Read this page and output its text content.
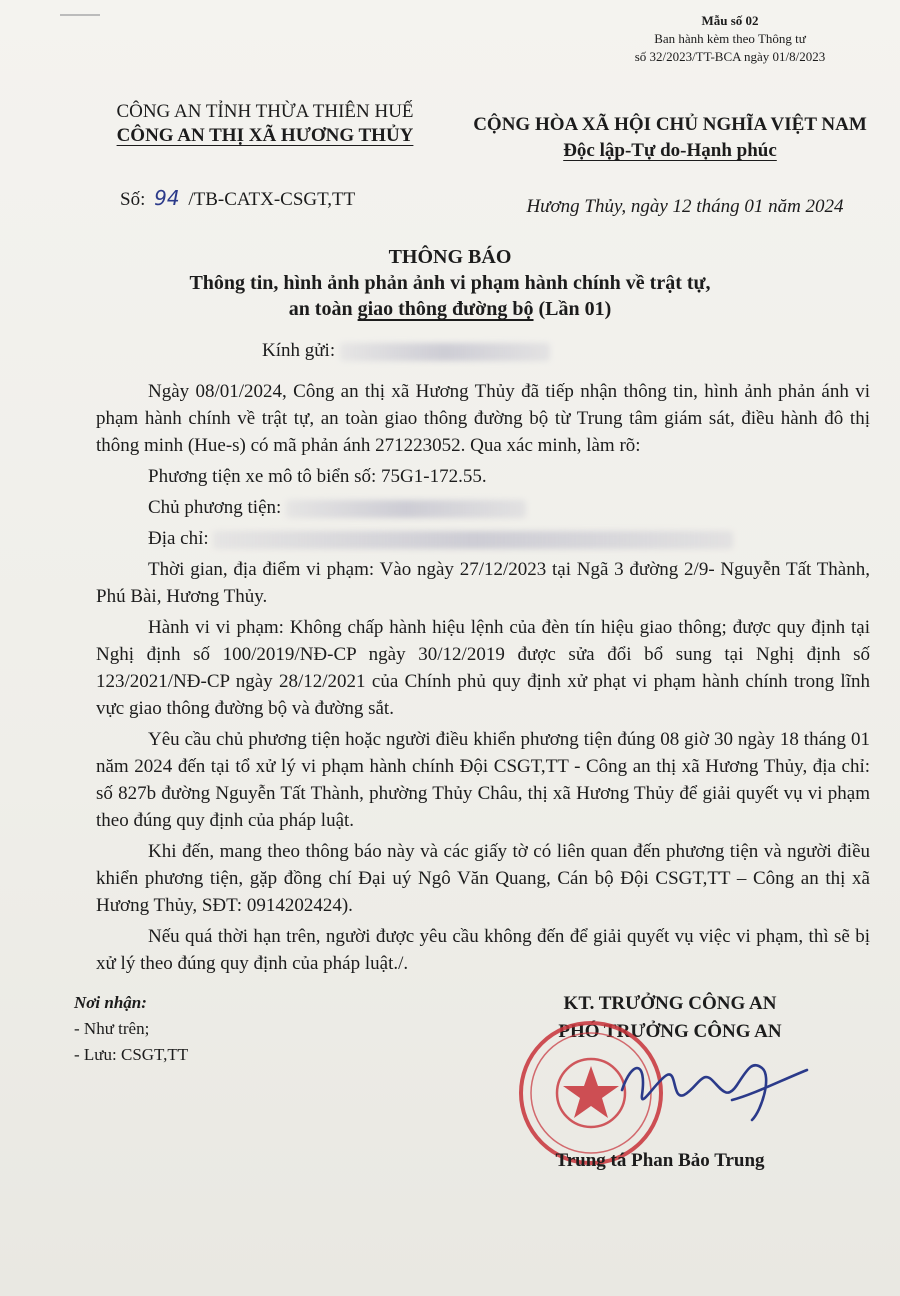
Mẫu số 02
Ban hành kèm theo Thông tư
số 32/2023/TT-BCA ngày 01/8/2023
CÔNG AN TỈNH THỪA THIÊN HUẾ
CÔNG AN THỊ XÃ HƯƠNG THỦY
CỘNG HÒA XÃ HỘI CHỦ NGHĨA VIỆT NAM
Độc lập-Tự do-Hạnh phúc
Số: 94 /TB-CATX-CSGT,TT	Hương Thủy, ngày 12 tháng 01 năm 2024
THÔNG BÁO
Thông tin, hình ảnh phản ảnh vi phạm hành chính về trật tự,
an toàn giao thông đường bộ (Lần 01)
Kính gửi:

Ngày 08/01/2024, Công an thị xã Hương Thủy đã tiếp nhận thông tin, hình ảnh phản ánh vi phạm hành chính về trật tự, an toàn giao thông đường bộ từ Trung tâm giám sát, điều hành đô thị thông minh (Hue-s) có mã phản ánh 271223052. Qua xác minh, làm rõ:

Phương tiện xe mô tô biển số: 75G1-172.55.

Chủ phương tiện:

Địa chỉ:

Thời gian, địa điểm vi phạm: Vào ngày 27/12/2023 tại Ngã 3 đường 2/9- Nguyễn Tất Thành, Phú Bài, Hương Thủy.

Hành vi vi phạm: Không chấp hành hiệu lệnh của đèn tín hiệu giao thông; được quy định tại Nghị định số 100/2019/NĐ-CP ngày 30/12/2019 được sửa đổi bổ sung tại Nghị định số 123/2021/NĐ-CP ngày 28/12/2021 của Chính phủ quy định xử phạt vi phạm hành chính trong lĩnh vực giao thông đường bộ và đường sắt.

Yêu cầu chủ phương tiện hoặc người điều khiển phương tiện đúng 08 giờ 30 ngày 18 tháng 01 năm 2024 đến tại tổ xử lý vi phạm hành chính Đội CSGT,TT - Công an thị xã Hương Thủy, địa chỉ: số 827b đường Nguyễn Tất Thành, phường Thủy Châu, thị xã Hương Thủy để giải quyết vụ vi phạm theo đúng quy định của pháp luật.

Khi đến, mang theo thông báo này và các giấy tờ có liên quan đến phương tiện và người điều khiển phương tiện, gặp đồng chí Đại uý Ngô Văn Quang, Cán bộ Đội CSGT,TT – Công an thị xã Hương Thủy, SĐT: 0914202424).

Nếu quá thời hạn trên, người được yêu cầu không đến để giải quyết vụ việc vi phạm, thì sẽ bị xử lý theo đúng quy định của pháp luật./.

Nơi nhận:
- Như trên;
- Lưu: CSGT,TT
KT. TRƯỞNG CÔNG AN
PHÓ TRƯỞNG CÔNG AN
Trung tá Phan Bảo Trung
